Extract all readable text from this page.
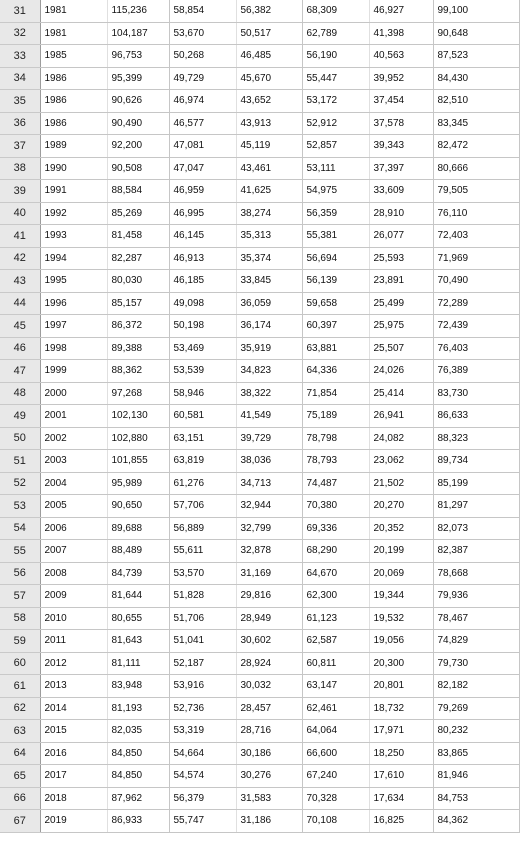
31	1981	115,236	58,854	56,382	68,309	46,927	99,100
32	1981	104,187	53,670	50,517	62,789	41,398	90,648
33	1985	96,753	50,268	46,485	56,190	40,563	87,523
34	1986	95,399	49,729	45,670	55,447	39,952	84,430
35	1986	90,626	46,974	43,652	53,172	37,454	82,510
36	1986	90,490	46,577	43,913	52,912	37,578	83,345
37	1989	92,200	47,081	45,119	52,857	39,343	82,472
38	1990	90,508	47,047	43,461	53,111	37,397	80,666
39	1991	88,584	46,959	41,625	54,975	33,609	79,505
40	1992	85,269	46,995	38,274	56,359	28,910	76,110
41	1993	81,458	46,145	35,313	55,381	26,077	72,403
42	1994	82,287	46,913	35,374	56,694	25,593	71,969
43	1995	80,030	46,185	33,845	56,139	23,891	70,490
44	1996	85,157	49,098	36,059	59,658	25,499	72,289
45	1997	86,372	50,198	36,174	60,397	25,975	72,439
46	1998	89,388	53,469	35,919	63,881	25,507	76,403
47	1999	88,362	53,539	34,823	64,336	24,026	76,389
48	2000	97,268	58,946	38,322	71,854	25,414	83,730
49	2001	102,130	60,581	41,549	75,189	26,941	86,633
50	2002	102,880	63,151	39,729	78,798	24,082	88,323
51	2003	101,855	63,819	38,036	78,793	23,062	89,734
52	2004	95,989	61,276	34,713	74,487	21,502	85,199
53	2005	90,650	57,706	32,944	70,380	20,270	81,297
54	2006	89,688	56,889	32,799	69,336	20,352	82,073
55	2007	88,489	55,611	32,878	68,290	20,199	82,387
56	2008	84,739	53,570	31,169	64,670	20,069	78,668
57	2009	81,644	51,828	29,816	62,300	19,344	79,936
58	2010	80,655	51,706	28,949	61,123	19,532	78,467
59	2011	81,643	51,041	30,602	62,587	19,056	74,829
60	2012	81,111	52,187	28,924	60,811	20,300	79,730
61	2013	83,948	53,916	30,032	63,147	20,801	82,182
62	2014	81,193	52,736	28,457	62,461	18,732	79,269
63	2015	82,035	53,319	28,716	64,064	17,971	80,232
64	2016	84,850	54,664	30,186	66,600	18,250	83,865
65	2017	84,850	54,574	30,276	67,240	17,610	81,946
66	2018	87,962	56,379	31,583	70,328	17,634	84,753
67	2019	86,933	55,747	31,186	70,108	16,825	84,362
